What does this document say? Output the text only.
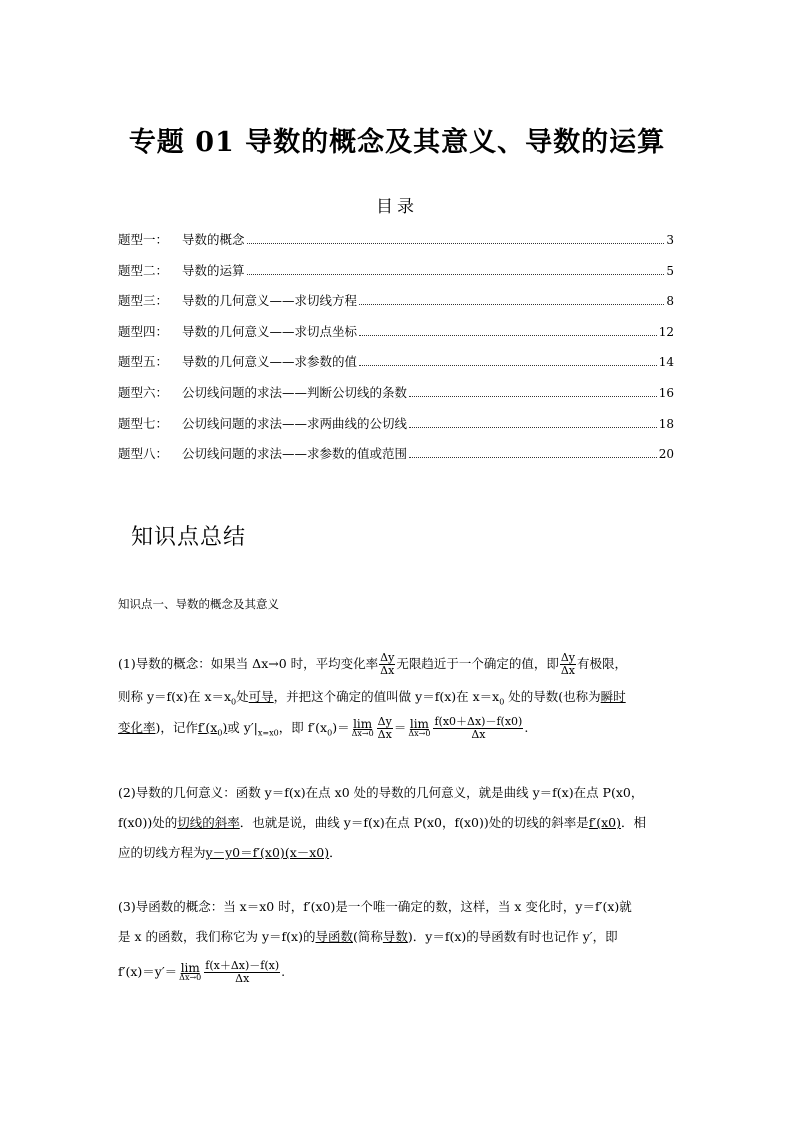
专题 01 导数的概念及其意义、导数的运算
目录
题型一：	导数的概念	3
题型二：	导数的运算	5
题型三：	导数的几何意义——求切线方程	8
题型四：	导数的几何意义——求切点坐标	12
题型五：	导数的几何意义——求参数的值	14
题型六：	公切线问题的求法——判断公切线的条数	16
题型七：	公切线问题的求法——求两曲线的公切线	18
题型八：	公切线问题的求法——求参数的值或范围	20
知识点总结
知识点一、导数的概念及其意义
(1)导数的概念：如果当 Δx→0 时，平均变化率 $\frac{\Delta y}{\Delta x}$ 无限趋近于一个确定的值，即 $\frac{\Delta y}{\Delta x}$ 有极限，
则称 y＝f(x)在 $x=x_0$处可导，并把这个确定的值叫做 y＝f(x)在 $x=x_0$ 处的导数(也称为瞬时
变化率)，记作$f'(x_0)$或 $y'|_{x=x0}$，即 $f'(x_0)= \lim$
$\Delta x\to 0 \frac{\Delta y}{\Delta x} = \lim$
$\Delta x\to 0 \frac{f(x0+\Delta x)-f(x0)}{\Delta x}$ .
(2)导数的几何意义：函数 y＝f(x)在点 x0 处的导数的几何意义，就是曲线 y＝f(x)在点 P(x0，
f(x0))处的切线的斜率．也就是说，曲线 y＝f(x)在点 P(x0，f(x0))处的切线的斜率是f′(x0)．相
应的切线方程为y－y0＝f′(x0)(x－x0)．
(3)导函数的概念：当 x＝x0 时，f′(x0)是一个唯一确定的数，这样，当 x 变化时，y＝f′(x)就
是 x 的函数，我们称它为 y＝f(x)的导函数(简称导数)．y＝f(x)的导函数有时也记作 y′，即
f′(x)＝y′＝ lim
$\Delta x\to 0 \frac{f(x+\Delta x)-f(x)}{\Delta x}$ .
